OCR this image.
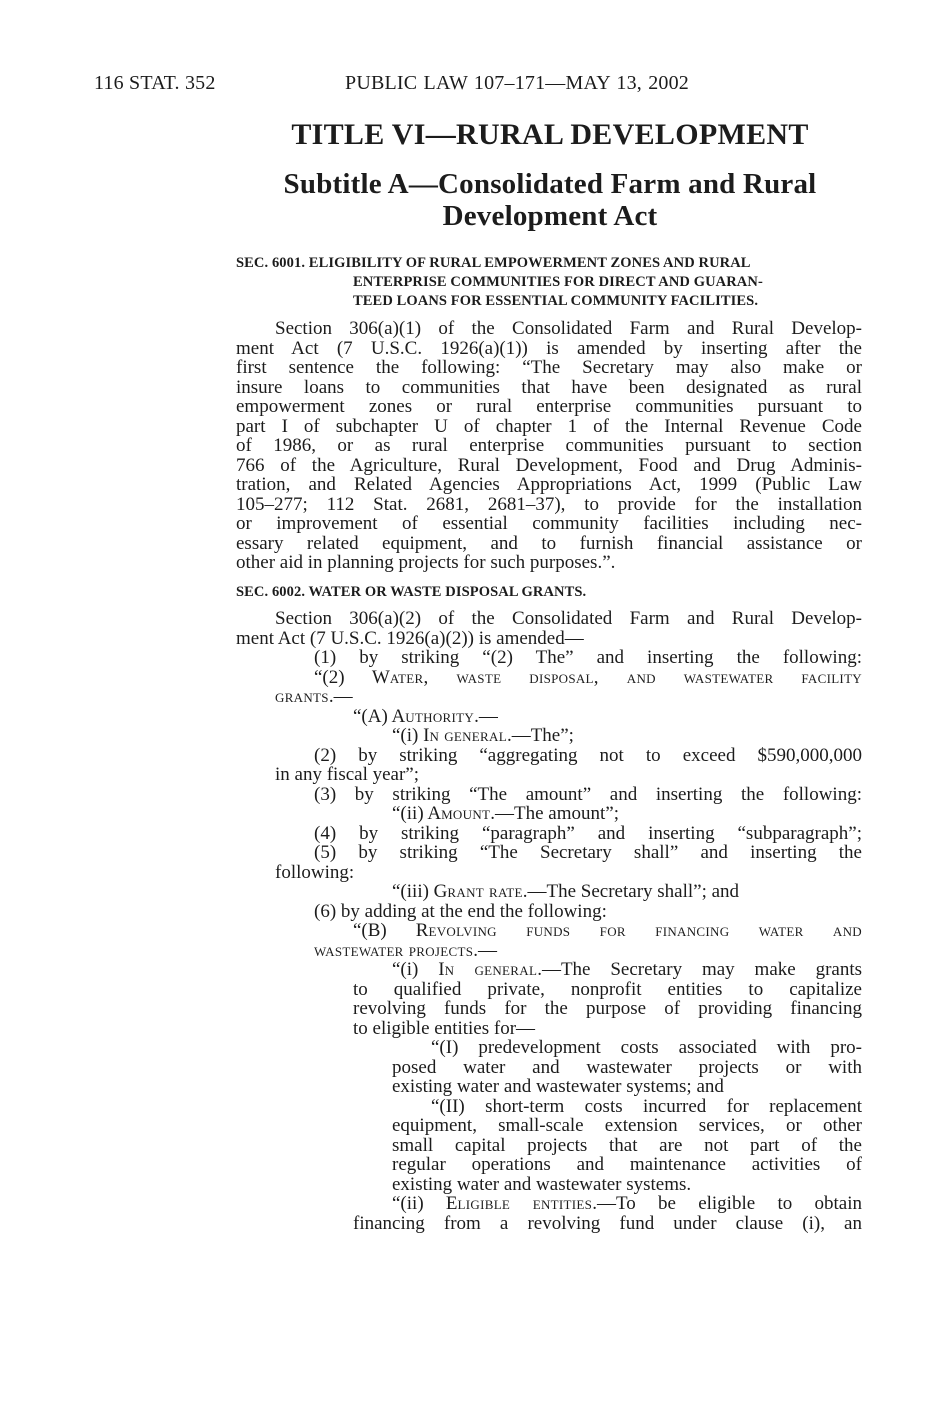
116 STAT. 352	PUBLIC LAW 107–171—MAY 13, 2002
TITLE VI—RURAL DEVELOPMENT
Subtitle A—Consolidated Farm and Rural
Development Act
SEC. 6001. ELIGIBILITY OF RURAL EMPOWERMENT ZONES AND RURAL
ENTERPRISE COMMUNITIES FOR DIRECT AND GUARAN-
TEED LOANS FOR ESSENTIAL COMMUNITY FACILITIES.
Section 306(a)(1) of the Consolidated Farm and Rural Develop-
ment Act (7 U.S.C. 1926(a)(1)) is amended by inserting after the
first sentence the following: “The Secretary may also make or
insure loans to communities that have been designated as rural
empowerment zones or rural enterprise communities pursuant to
part I of subchapter U of chapter 1 of the Internal Revenue Code
of 1986, or as rural enterprise communities pursuant to section
766 of the Agriculture, Rural Development, Food and Drug Adminis-
tration, and Related Agencies Appropriations Act, 1999 (Public Law
105–277; 112 Stat. 2681, 2681–37), to provide for the installation
or improvement of essential community facilities including nec-
essary related equipment, and to furnish financial assistance or
other aid in planning projects for such purposes.”.
SEC. 6002. WATER OR WASTE DISPOSAL GRANTS.
Section 306(a)(2) of the Consolidated Farm and Rural Develop-
ment Act (7 U.S.C. 1926(a)(2)) is amended—
(1) by striking “(2) The” and inserting the following:
“(2) Water, waste disposal, and wastewater facility
grants.—
“(A) Authority.—
“(i) In general.—The”;
(2) by striking “aggregating not to exceed $590,000,000
in any fiscal year”;
(3) by striking “The amount” and inserting the following:
“(ii) Amount.—The amount”;
(4) by striking “paragraph” and inserting “subparagraph”;
(5) by striking “The Secretary shall” and inserting the
following:
“(iii) Grant rate.—The Secretary shall”; and
(6) by adding at the end the following:
“(B) Revolving funds for financing water and
wastewater projects.—
“(i) In general.—The Secretary may make grants
to qualified private, nonprofit entities to capitalize
revolving funds for the purpose of providing financing
to eligible entities for—
“(I) predevelopment costs associated with pro-
posed water and wastewater projects or with
existing water and wastewater systems; and
“(II) short-term costs incurred for replacement
equipment, small-scale extension services, or other
small capital projects that are not part of the
regular operations and maintenance activities of
existing water and wastewater systems.
“(ii) Eligible entities.—To be eligible to obtain
financing from a revolving fund under clause (i), an
